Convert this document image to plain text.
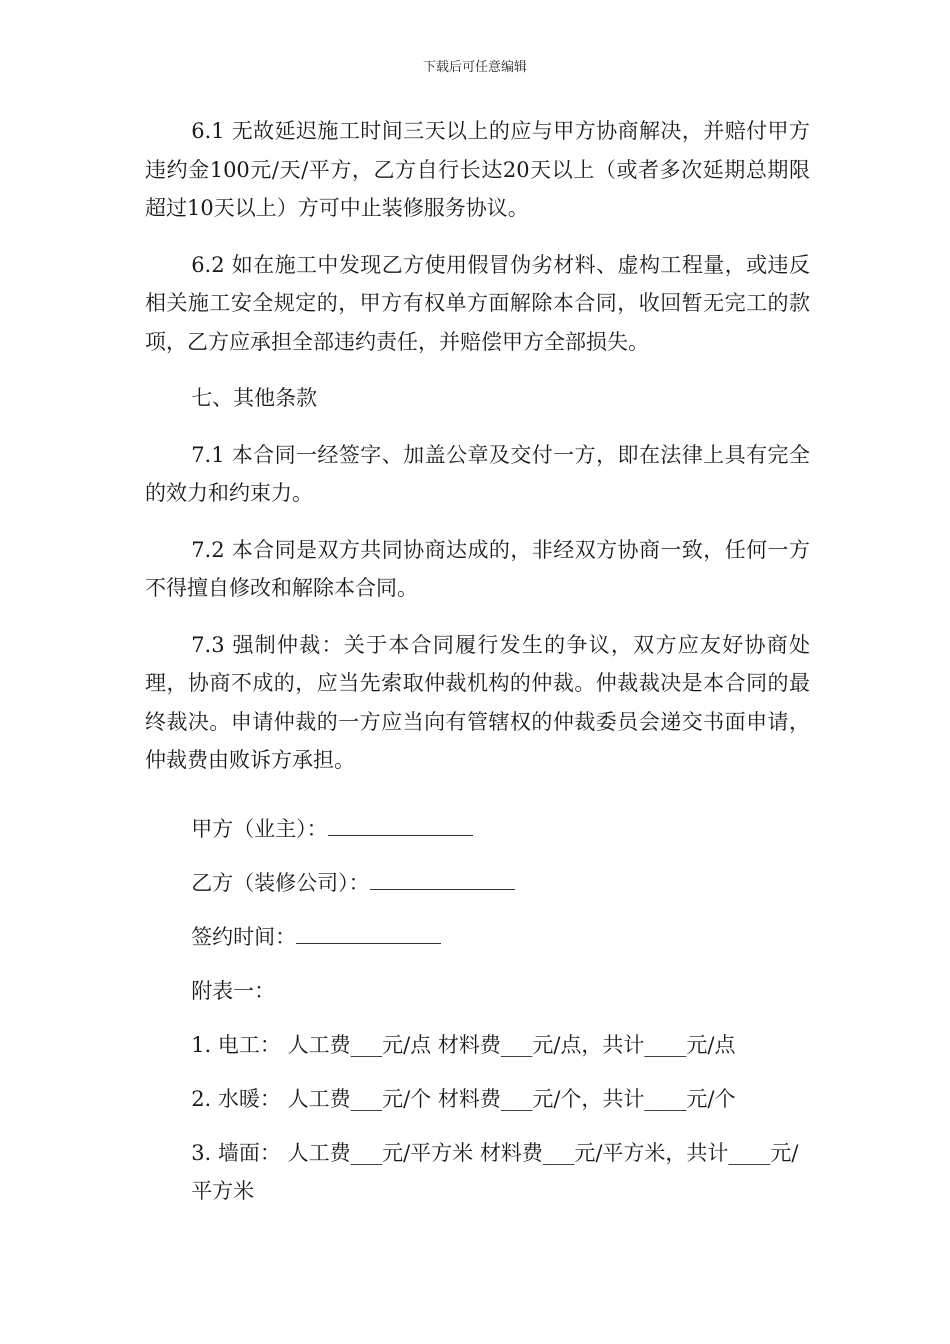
下载后可任意编辑

6.1 无故延迟施工时间三天以上的应与甲方协商解决，并赔付甲方违约金100元/天/平方，乙方自行长达20天以上（或者多次延期总期限超过10天以上）方可中止装修服务协议。

6.2 如在施工中发现乙方使用假冒伪劣材料、虚构工程量，或违反相关施工安全规定的，甲方有权单方面解除本合同，收回暂无完工的款项，乙方应承担全部违约责任，并赔偿甲方全部损失。

七、其他条款

7.1 本合同一经签字、加盖公章及交付一方，即在法律上具有完全的效力和约束力。

7.2 本合同是双方共同协商达成的，非经双方协商一致，任何一方不得擅自修改和解除本合同。

7.3 强制仲裁：关于本合同履行发生的争议，双方应友好协商处理，协商不成的，应当先索取仲裁机构的仲裁。仲裁裁决是本合同的最终裁决。申请仲裁的一方应当向有管辖权的仲裁委员会递交书面申请，仲裁费由败诉方承担。

甲方（业主）：

乙方（装修公司）：

签约时间：

附表一：

1. 电工： 人工费___元/点 材料费___元/点，共计____元/点

2. 水暖： 人工费___元/个 材料费___元/个，共计____元/个

3. 墙面： 人工费___元/平方米 材料费___元/平方米，共计____元/平方米
